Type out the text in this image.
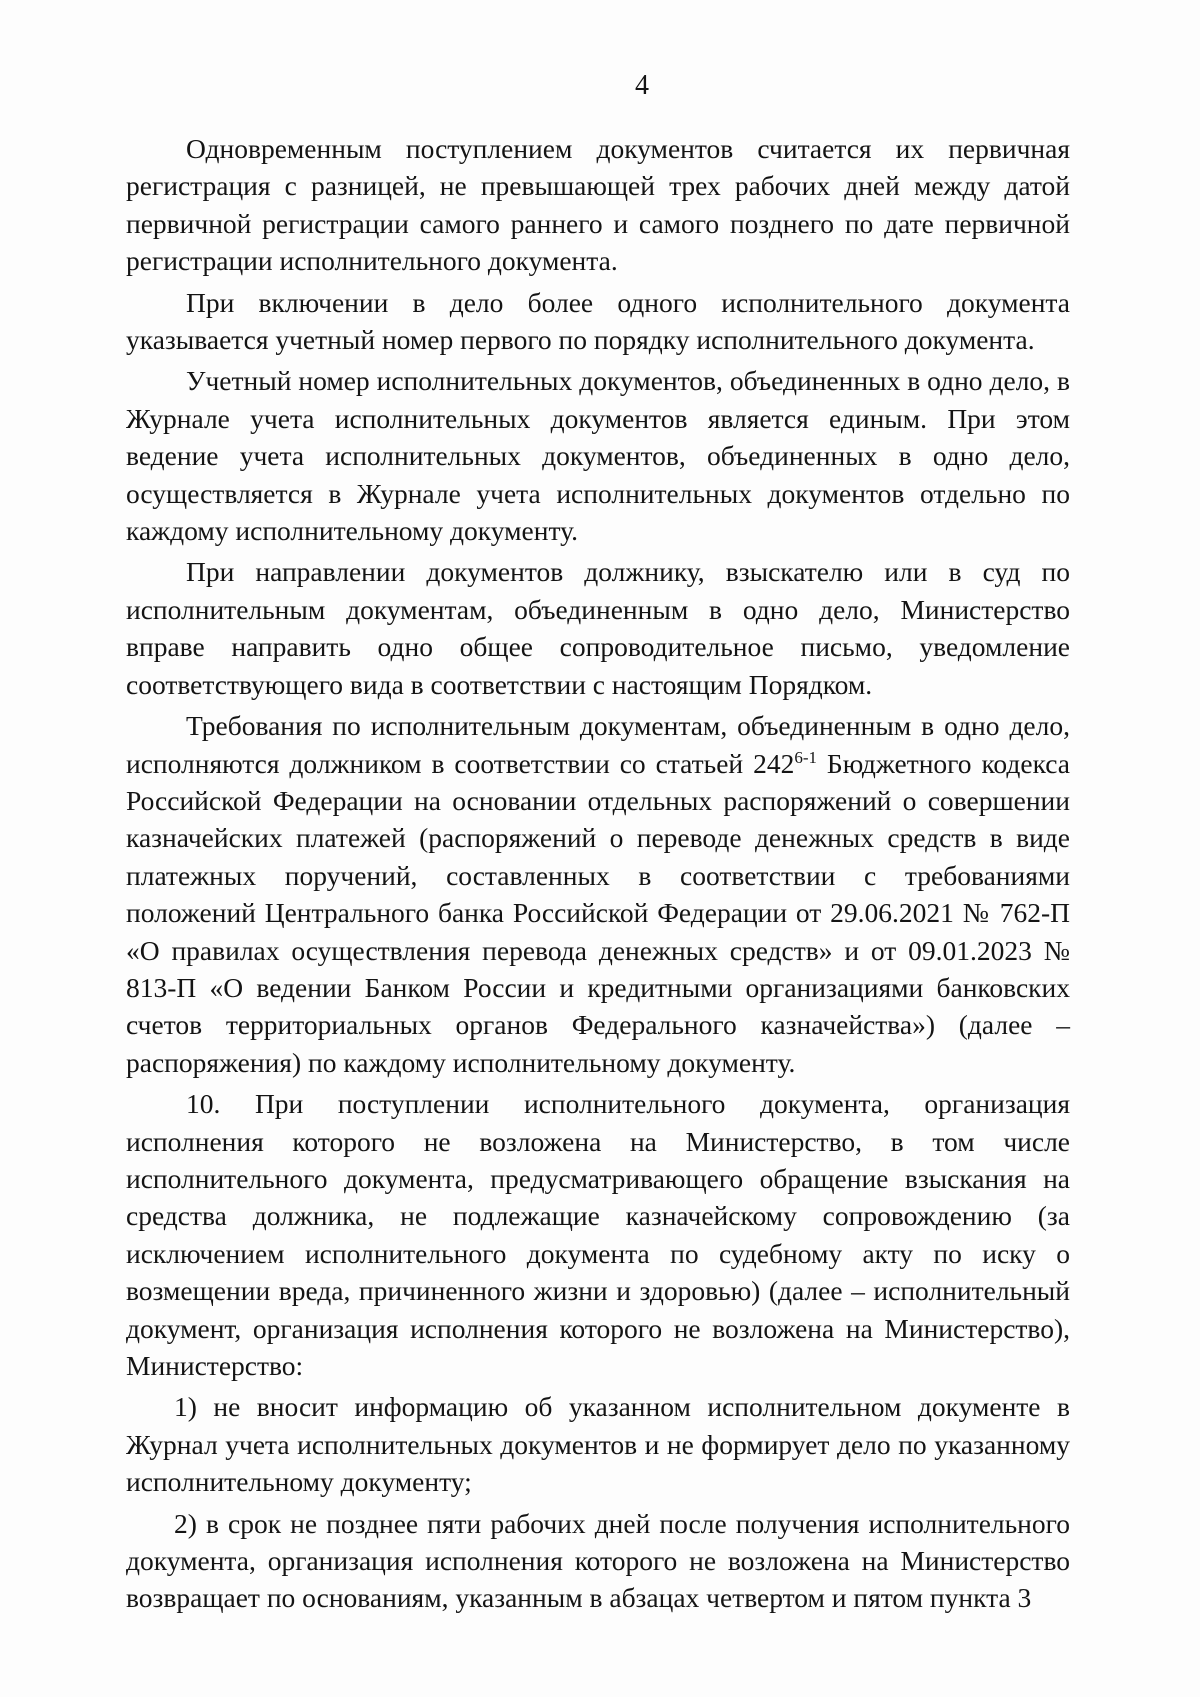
4

Одновременным поступлением документов считается их первичная регистрация с разницей, не превышающей трех рабочих дней между датой первичной регистрации самого раннего и самого позднего по дате первичной регистрации исполнительного документа.

При включении в дело более одного исполнительного документа указывается учетный номер первого по порядку исполнительного документа.

Учетный номер исполнительных документов, объединенных в одно дело, в Журнале учета исполнительных документов является единым. При этом ведение учета исполнительных документов, объединенных в одно дело, осуществляется в Журнале учета исполнительных документов отдельно по каждому исполнительному документу.

При направлении документов должнику, взыскателю или в суд по исполнительным документам, объединенным в одно дело, Министерство вправе направить одно общее сопроводительное письмо, уведомление соответствующего вида в соответствии с настоящим Порядком.

Требования по исполнительным документам, объединенным в одно дело, исполняются должником в соответствии со статьей 242$^{6-1}$ Бюджетного кодекса Российской Федерации на основании отдельных распоряжений о совершении казначейских платежей (распоряжений о переводе денежных средств в виде платежных поручений, составленных в соответствии с требованиями положений Центрального банка Российской Федерации от 29.06.2021 № 762-П «О правилах осуществления перевода денежных средств» и от 09.01.2023 № 813-П «О ведении Банком России и кредитными организациями банковских счетов территориальных органов Федерального казначейства») (далее – распоряжения) по каждому исполнительному документу.

10. При поступлении исполнительного документа, организация исполнения которого не возложена на Министерство, в том числе исполнительного документа, предусматривающего обращение взыскания на средства должника, не подлежащие казначейскому сопровождению (за исключением исполнительного документа по судебному акту по иску о возмещении вреда, причиненного жизни и здоровью) (далее – исполнительный документ, организация исполнения которого не возложена на Министерство), Министерство:

1) не вносит информацию об указанном исполнительном документе в Журнал учета исполнительных документов и не формирует дело по указанному исполнительному документу;

2) в срок не позднее пяти рабочих дней после получения исполнительного документа, организация исполнения которого не возложена на Министерство возвращает по основаниям, указанным в абзацах четвертом и пятом пункта 3
